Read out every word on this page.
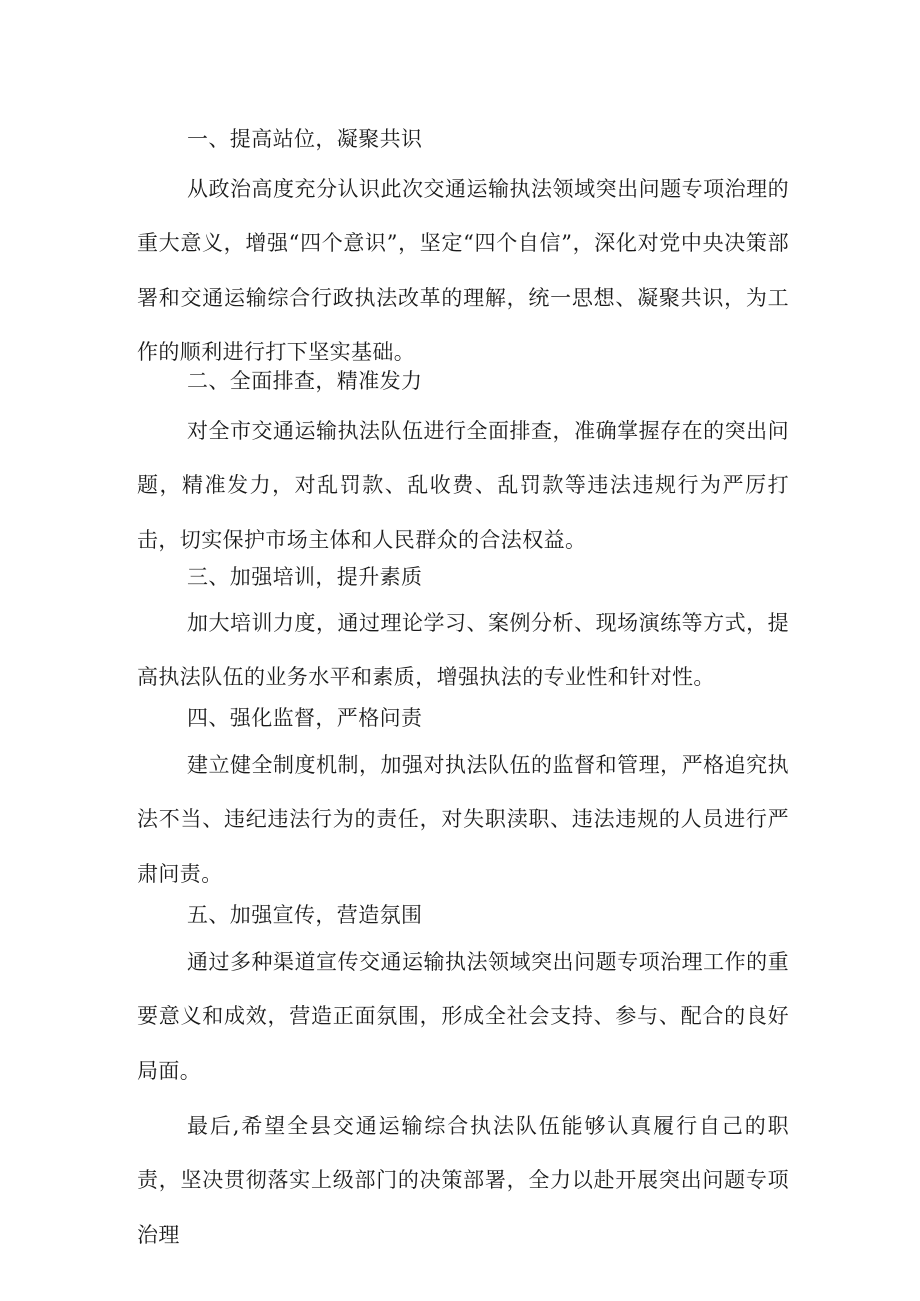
一、提高站位，凝聚共识

从政治高度充分认识此次交通运输执法领域突出问题专项治理的重大意义，增强“四个意识”，坚定“四个自信”，深化对党中央决策部署和交通运输综合行政执法改革的理解，统一思想、凝聚共识，为工作的顺利进行打下坚实基础。

二、全面排查，精准发力

对全市交通运输执法队伍进行全面排查，准确掌握存在的突出问题，精准发力，对乱罚款、乱收费、乱罚款等违法违规行为严厉打击，切实保护市场主体和人民群众的合法权益。

三、加强培训，提升素质

加大培训力度，通过理论学习、案例分析、现场演练等方式，提高执法队伍的业务水平和素质，增强执法的专业性和针对性。

四、强化监督，严格问责

建立健全制度机制，加强对执法队伍的监督和管理，严格追究执法不当、违纪违法行为的责任，对失职渎职、违法违规的人员进行严肃问责。

五、加强宣传，营造氛围

通过多种渠道宣传交通运输执法领域突出问题专项治理工作的重要意义和成效，营造正面氛围，形成全社会支持、参与、配合的良好局面。

最后,希望全县交通运输综合执法队伍能够认真履行自己的职责，坚决贯彻落实上级部门的决策部署，全力以赴开展突出问题专项治理
